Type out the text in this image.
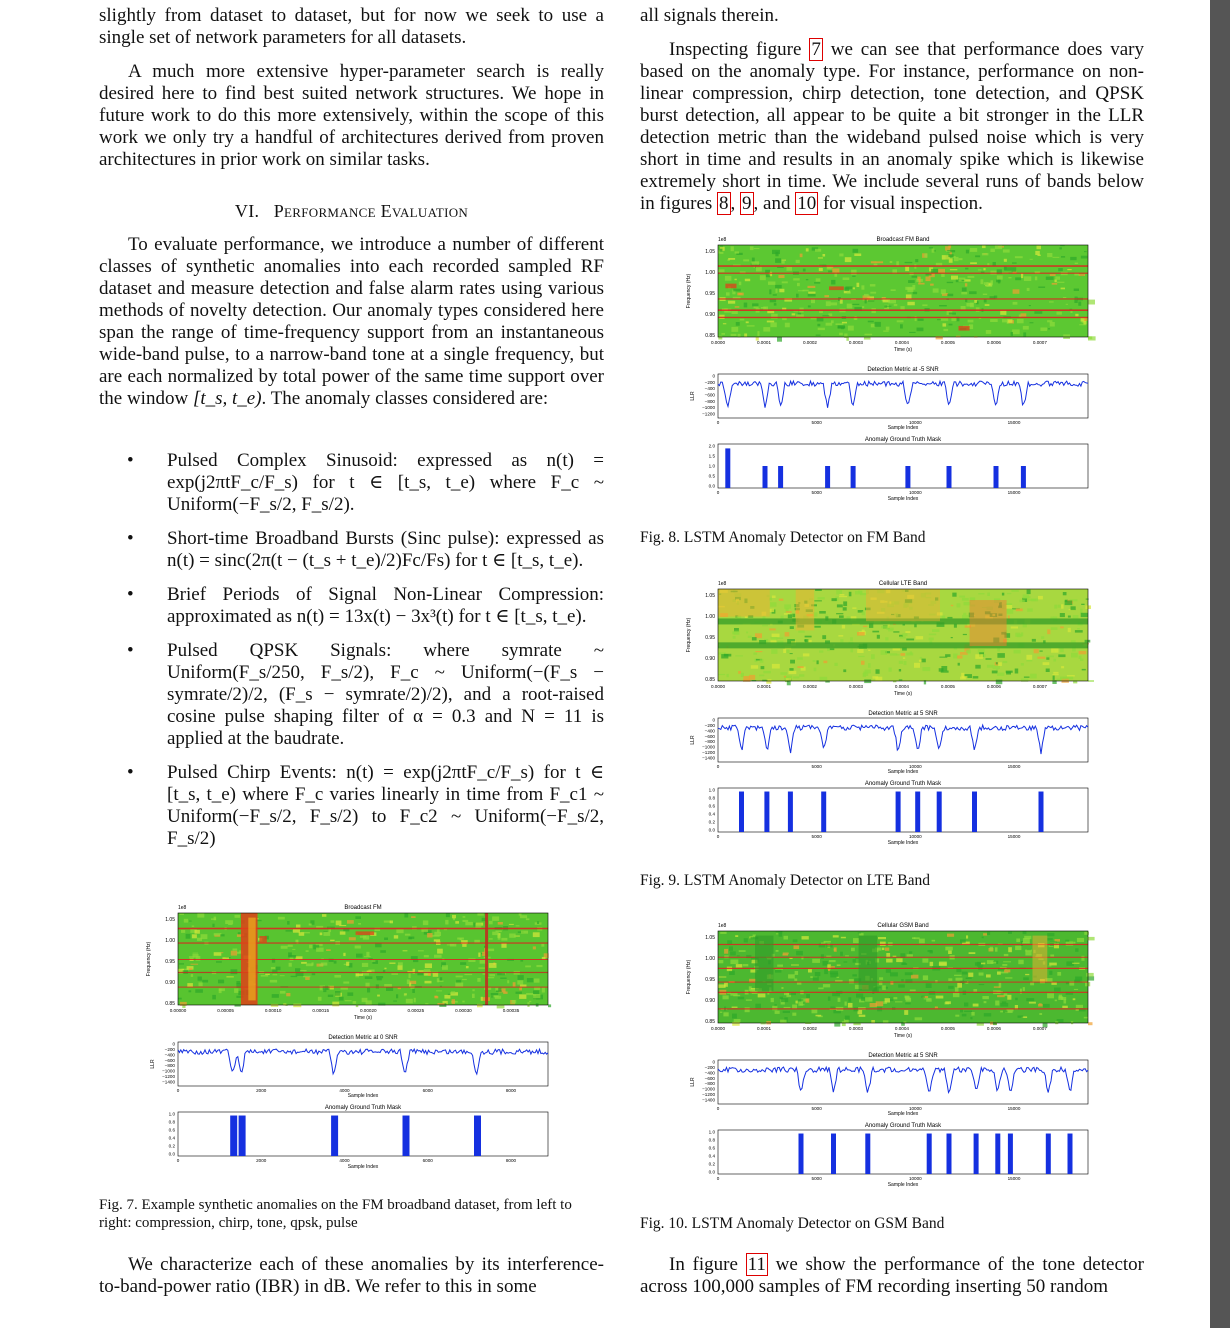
slightly from dataset to dataset, but for now we seek to use a single set of network parameters for all datasets.

A much more extensive hyper-parameter search is really desired here to find best suited network structures. We hope in future work to do this more extensively, within the scope of this work we only try a handful of architectures derived from proven architectures in prior work on similar tasks.

VI. Performance Evaluation

To evaluate performance, we introduce a number of different classes of synthetic anomalies into each recorded sampled RF dataset and measure detection and false alarm rates using various methods of novelty detection. Our anomaly types considered here span the range of time-frequency support from an instantaneous wide-band pulse, to a narrow-band tone at a single frequency, but are each normalized by total power of the same time support over the window [t_s, t_e). The anomaly classes considered are:

• Pulsed Complex Sinusoid: expressed as n(t) = exp(j2πtF_c/F_s) for t ∈ [t_s, t_e) where F_c ~ Uniform(−F_s/2, F_s/2).
• Short-time Broadband Bursts (Sinc pulse): expressed as n(t) = sinc(2π(t − (t_s + t_e)/2)Fc/Fs) for t ∈ [t_s, t_e).
• Brief Periods of Signal Non-Linear Compression: approximated as n(t) = 13x(t) − 3x³(t) for t ∈ [t_s, t_e).
• Pulsed QPSK Signals: where symrate ~ Uniform(F_s/250, F_s/2), F_c ~ Uniform(−(F_s − symrate/2)/2, (F_s − symrate/2)/2), and a root-raised cosine pulse shaping filter of α = 0.3 and N = 11 is applied at the baudrate.
• Pulsed Chirp Events: n(t) = exp(j2πtF_c/F_s) for t ∈ [t_s, t_e) where F_c varies linearly in time from F_c1 ~ Uniform(−F_s/2, F_s/2) to F_c2 ~ Uniform(−F_s/2, F_s/2)

Fig. 7. Example synthetic anomalies on the FM broadband dataset, from left to right: compression, chirp, tone, qpsk, pulse

We characterize each of these anomalies by its interference-to-band-power ratio (IBR) in dB. We refer to this in some

all signals therein.

Inspecting figure 7 we can see that performance does vary based on the anomaly type. For instance, performance on non-linear compression, chirp detection, tone detection, and QPSK burst detection, all appear to be quite a bit stronger in the LLR detection metric than the wideband pulsed noise which is very short in time and results in an anomaly spike which is likewise extremely short in time. We include several runs of bands below in figures 8 , 9 , and 10 for visual inspection.

Fig. 8. LSTM Anomaly Detector on FM Band

Fig. 9. LSTM Anomaly Detector on LTE Band

Fig. 10. LSTM Anomaly Detector on GSM Band

In figure 11 we show the performance of the tone detector across 100,000 samples of FM recording inserting 50 random

Broadcast FM
1e8
1.05
1.00
0.95
0.90
0.85
Frequency (Hz)
0.00000	0.00005	0.00010	0.00015	0.00020	0.00025	0.00030	0.00035
Time (s)
Detection Metric at 0 SNR
0
−200
−400
−600
−800
−1000
−1200
−1400
LLR
0	2000	4000	6000	8000
Sample Index
Anomaly Ground Truth Mask
1.0
0.8
0.6
0.4
0.2
0.0
0	2000	4000	6000	8000
Sample Index
Broadcast FM Band
1e8
1.05
1.00
0.95
0.90
0.85
Frequency (Hz)
0.0000	0.0001	0.0002	0.0003	0.0004	0.0005	0.0006	0.0007
Time (s)
Detection Metric at -5 SNR
0
−200
−400
−600
−800
−1000
−1200
LLR
0	5000	10000	15000
Sample Index
Anomaly Ground Truth Mask
2.0
1.5
1.0
0.5
0.0
0	5000	10000	15000
Sample Index
Cellular LTE Band
1e8
1.05
1.00
0.95
0.90
0.85
Frequency (Hz)
0.0000	0.0001	0.0002	0.0003	0.0004	0.0005	0.0006	0.0007
Time (s)
Detection Metric at 5 SNR
0
−200
−400
−600
−800
−1000
−1200
−1400
LLR
0	5000	10000	15000
Sample Index
Anomaly Ground Truth Mask
1.0
0.8
0.6
0.4
0.2
0.0
0	5000	10000	15000
Sample Index
Cellular GSM Band
1e8
1.05
1.00
0.95
0.90
0.85
Frequency (Hz)
0.0000	0.0001	0.0002	0.0003	0.0004	0.0005	0.0006	0.0007
Time (s)
Detection Metric at 5 SNR
0
−200
−400
−600
−800
−1000
−1200
−1400
LLR
0	5000	10000	15000
Sample Index
Anomaly Ground Truth Mask
1.0
0.8
0.6
0.4
0.2
0.0
0	5000	10000	15000
Sample Index
